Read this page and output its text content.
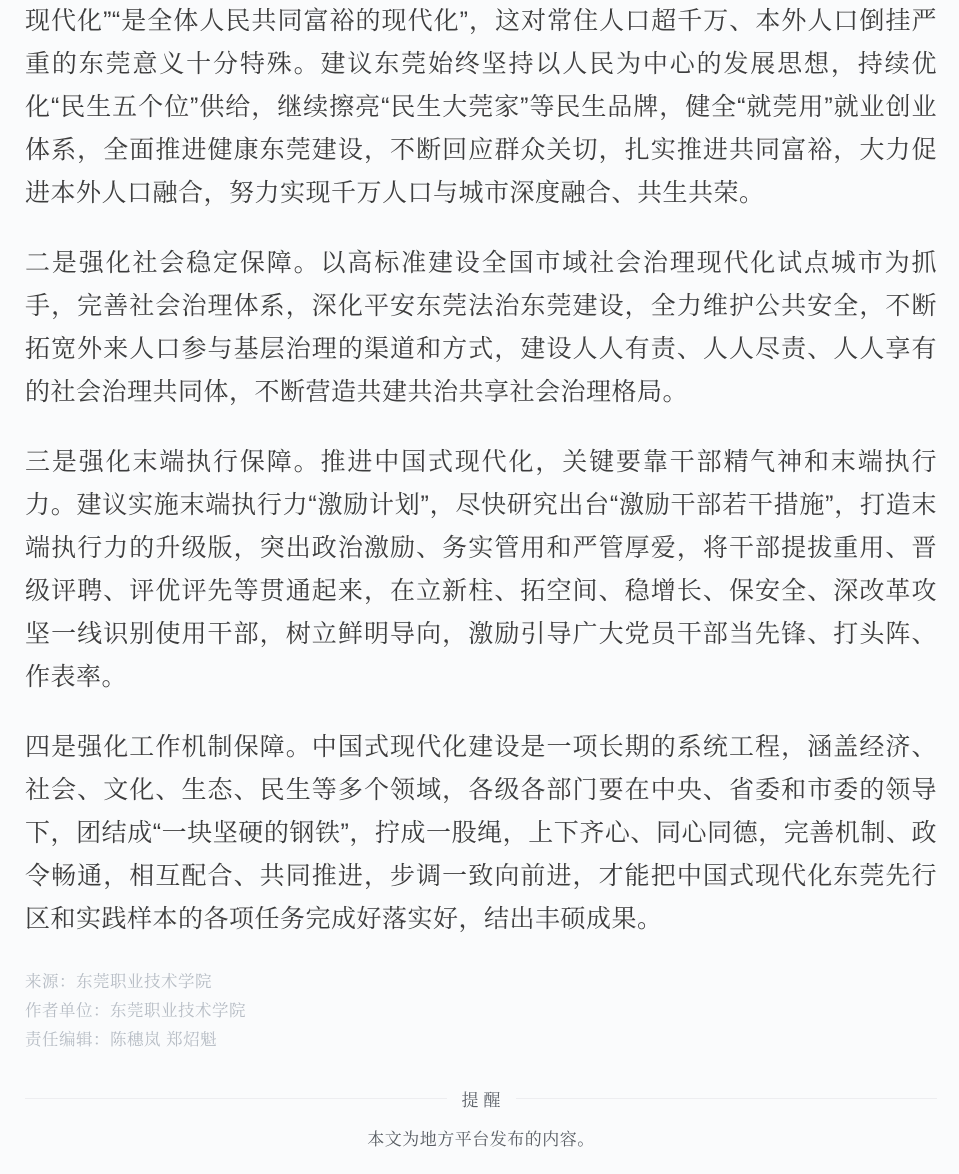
现代化”“是全体人民共同富裕的现代化”，这对常住人口超千万、本外人口倒挂严重的东莞意义十分特殊。建议东莞始终坚持以人民为中心的发展思想，持续优化“民生五个位”供给，继续擦亮“民生大莞家”等民生品牌，健全“就莞用”就业创业体系，全面推进健康东莞建设，不断回应群众关切，扎实推进共同富裕，大力促进本外人口融合，努力实现千万人口与城市深度融合、共生共荣。

二是强化社会稳定保障。以高标准建设全国市域社会治理现代化试点城市为抓手，完善社会治理体系，深化平安东莞法治东莞建设，全力维护公共安全，不断拓宽外来人口参与基层治理的渠道和方式，建设人人有责、人人尽责、人人享有的社会治理共同体，不断营造共建共治共享社会治理格局。

三是强化末端执行保障。推进中国式现代化，关键要靠干部精气神和末端执行力。建议实施末端执行力“激励计划”，尽快研究出台“激励干部若干措施”，打造末端执行力的升级版，突出政治激励、务实管用和严管厚爱，将干部提拔重用、晋级评聘、评优评先等贯通起来，在立新柱、拓空间、稳增长、保安全、深改革攻坚一线识别使用干部，树立鲜明导向，激励引导广大党员干部当先锋、打头阵、作表率。

四是强化工作机制保障。中国式现代化建设是一项长期的系统工程，涵盖经济、社会、文化、生态、民生等多个领域，各级各部门要在中央、省委和市委的领导下，团结成“一块坚硬的钢铁”，拧成一股绳，上下齐心、同心同德，完善机制、政令畅通，相互配合、共同推进，步调一致向前进，才能把中国式现代化东莞先行区和实践样本的各项任务完成好落实好，结出丰硕成果。

来源：东莞职业技术学院

作者单位：东莞职业技术学院

责任编辑：陈穗岚 郑炤魁

提醒

本文为地方平台发布的内容。
